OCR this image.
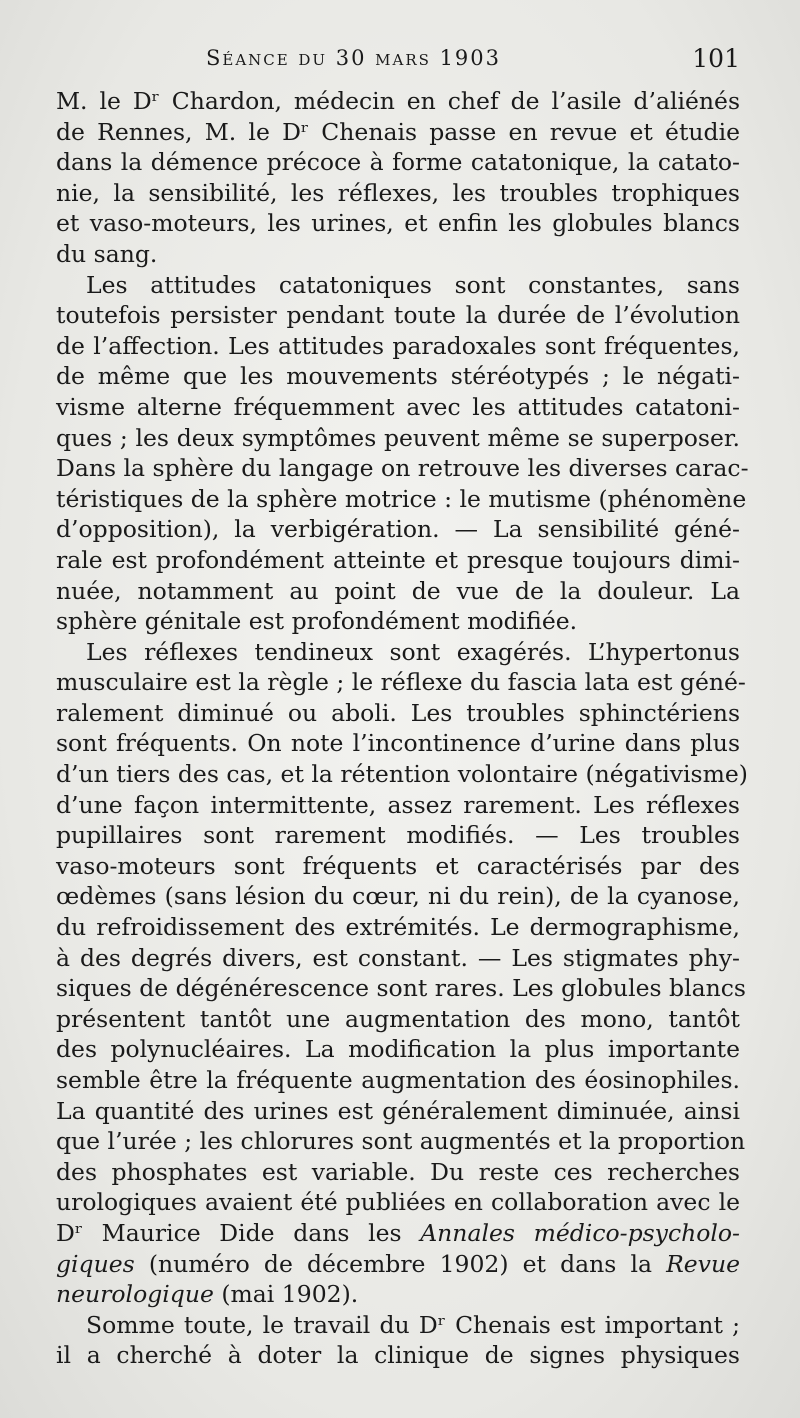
Séance du 30 mars 1903	101
M. le Dʳ Chardon, médecin en chef de l’asile d’aliénés
de Rennes, M. le Dʳ Chenais passe en revue et étudie
dans la démence précoce à forme catatonique, la catato-
nie, la sensibilité, les réflexes, les troubles trophiques
et vaso-moteurs, les urines, et enfin les globules blancs
du sang.
Les attitudes catatoniques sont constantes, sans
toutefois persister pendant toute la durée de l’évolution
de l’affection. Les attitudes paradoxales sont fréquentes,
de même que les mouvements stéréotypés ; le négati-
visme alterne fréquemment avec les attitudes catatoni-
ques ; les deux symptômes peuvent même se superposer.
Dans la sphère du langage on retrouve les diverses carac-
téristiques de la sphère motrice : le mutisme (phénomène
d’opposition), la verbigération. — La sensibilité géné-
rale est profondément atteinte et presque toujours dimi-
nuée, notamment au point de vue de la douleur. La
sphère génitale est profondément modifiée.
Les réflexes tendineux sont exagérés. L’hypertonus
musculaire est la règle ; le réflexe du fascia lata est géné-
ralement diminué ou aboli. Les troubles sphinctériens
sont fréquents. On note l’incontinence d’urine dans plus
d’un tiers des cas, et la rétention volontaire (négativisme)
d’une façon intermittente, assez rarement. Les réflexes
pupillaires sont rarement modifiés. — Les troubles
vaso-moteurs sont fréquents et caractérisés par des
œdèmes (sans lésion du cœur, ni du rein), de la cyanose,
du refroidissement des extrémités. Le dermographisme,
à des degrés divers, est constant. — Les stigmates phy-
siques de dégénérescence sont rares. Les globules blancs
présentent tantôt une augmentation des mono, tantôt
des polynucléaires. La modification la plus importante
semble être la fréquente augmentation des éosinophiles.
La quantité des urines est généralement diminuée, ainsi
que l’urée ; les chlorures sont augmentés et la proportion
des phosphates est variable. Du reste ces recherches
urologiques avaient été publiées en collaboration avec le
Dʳ Maurice Dide dans les Annales médico-psycholo-
giques (numéro de décembre 1902) et dans la Revue
neurologique (mai 1902).
Somme toute, le travail du Dʳ Chenais est important ;
il a cherché à doter la clinique de signes physiques
